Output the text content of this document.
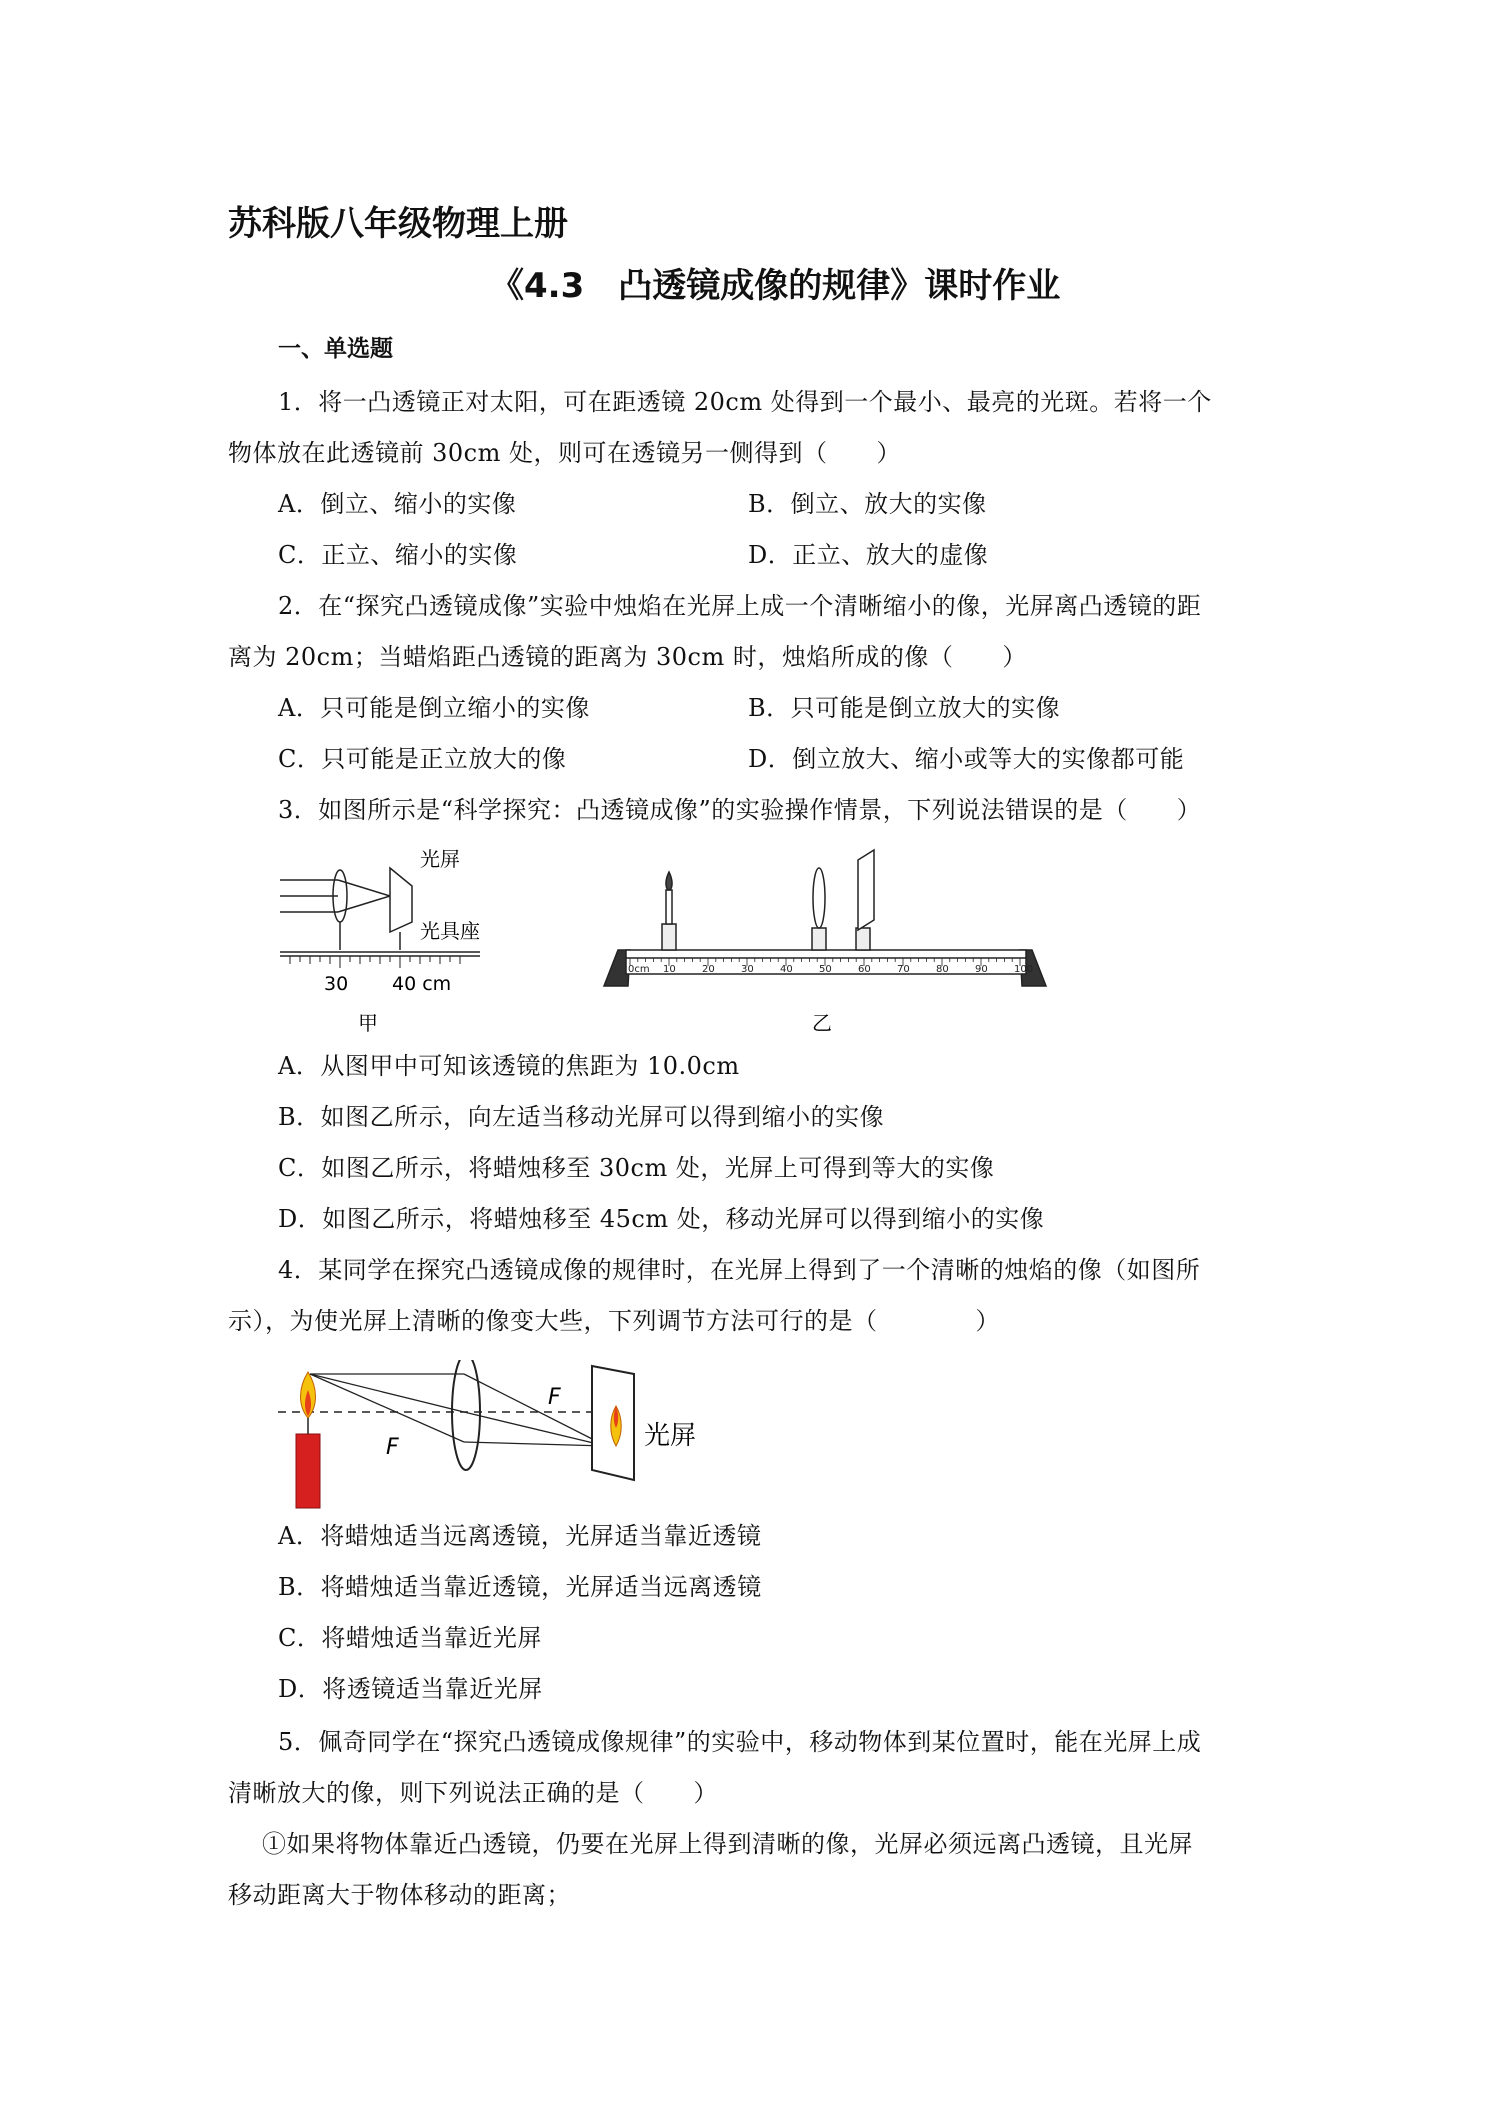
苏科版八年级物理上册
《4.3　凸透镜成像的规律》课时作业
一、单选题
1．将一凸透镜正对太阳，可在距透镜 20cm 处得到一个最小、最亮的光斑。若将一个
物体放在此透镜前 30cm 处，则可在透镜另一侧得到（　　）
A．倒立、缩小的实像	B．倒立、放大的实像
C．正立、缩小的实像	D．正立、放大的虚像
2．在“探究凸透镜成像”实验中烛焰在光屏上成一个清晰缩小的像，光屏离凸透镜的距
离为 20cm；当蜡焰距凸透镜的距离为 30cm 时，烛焰所成的像（　　）
A．只可能是倒立缩小的实像	B．只可能是倒立放大的实像
C．只可能是正立放大的像	D．倒立放大、缩小或等大的实像都可能
3．如图所示是“科学探究：凸透镜成像”的实验操作情景，下列说法错误的是（　　）
光屏
光具座
30 40 cm
甲
0cm 10	20	30	40	50	60	70	80	90	100
乙
A．从图甲中可知该透镜的焦距为 10.0cm
B．如图乙所示，向左适当移动光屏可以得到缩小的实像
C．如图乙所示，将蜡烛移至 30cm 处，光屏上可得到等大的实像
D．如图乙所示，将蜡烛移至 45cm 处，移动光屏可以得到缩小的实像
4．某同学在探究凸透镜成像的规律时，在光屏上得到了一个清晰的烛焰的像（如图所
示），为使光屏上清晰的像变大些，下列调节方法可行的是（　　　　）
F
F	光屏
A．将蜡烛适当远离透镜，光屏适当靠近透镜
B．将蜡烛适当靠近透镜，光屏适当远离透镜
C．将蜡烛适当靠近光屏
D．将透镜适当靠近光屏
5．佩奇同学在“探究凸透镜成像规律”的实验中，移动物体到某位置时，能在光屏上成
清晰放大的像，则下列说法正确的是（　　）
①如果将物体靠近凸透镜，仍要在光屏上得到清晰的像，光屏必须远离凸透镜，且光屏
移动距离大于物体移动的距离；
